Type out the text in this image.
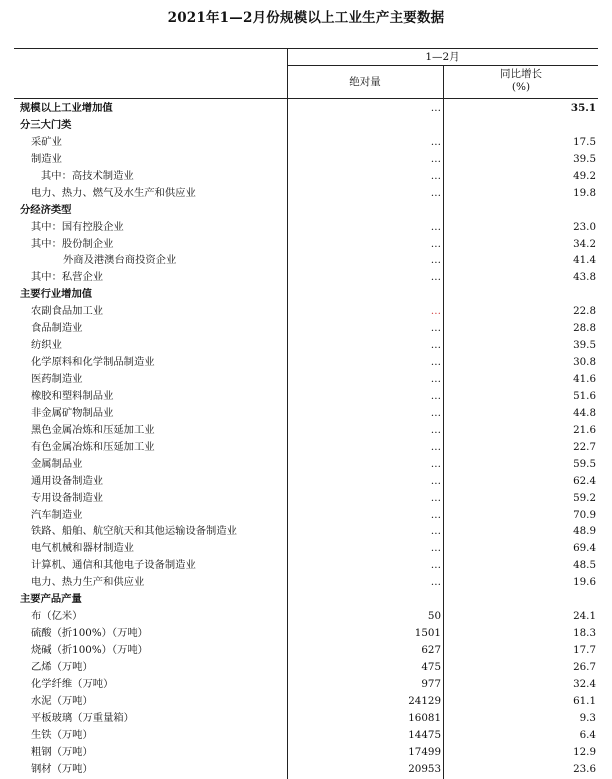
2021年1—2月份规模以上工业生产主要数据
1—2月
绝对量
同比增长
(%)
规模以上工业增加值	…	35.1
分三大门类
采矿业	…	17.5
制造业	…	39.5
其中：高技术制造业	…	49.2
电力、热力、燃气及水生产和供应业	…	19.8
分经济类型
其中：国有控股企业	…	23.0
其中：股份制企业	…	34.2
外商及港澳台商投资企业	…	41.4
其中：私营企业	…	43.8
主要行业增加值
农副食品加工业	…	22.8
食品制造业	…	28.8
纺织业	…	39.5
化学原料和化学制品制造业	…	30.8
医药制造业	…	41.6
橡胶和塑料制品业	…	51.6
非金属矿物制品业	…	44.8
黑色金属冶炼和压延加工业	…	21.6
有色金属冶炼和压延加工业	…	22.7
金属制品业	…	59.5
通用设备制造业	…	62.4
专用设备制造业	…	59.2
汽车制造业	…	70.9
铁路、船舶、航空航天和其他运输设备制造业	…	48.9
电气机械和器材制造业	…	69.4
计算机、通信和其他电子设备制造业	…	48.5
电力、热力生产和供应业	…	19.6
主要产品产量
布（亿米）	50	24.1
硫酸（折100%）（万吨）	1501	18.3
烧碱（折100%）（万吨）	627	17.7
乙烯（万吨）	475	26.7
化学纤维（万吨）	977	32.4
水泥（万吨）	24129	61.1
平板玻璃（万重量箱）	16081	9.3
生铁（万吨）	14475	6.4
粗钢（万吨）	17499	12.9
钢材（万吨）	20953	23.6
